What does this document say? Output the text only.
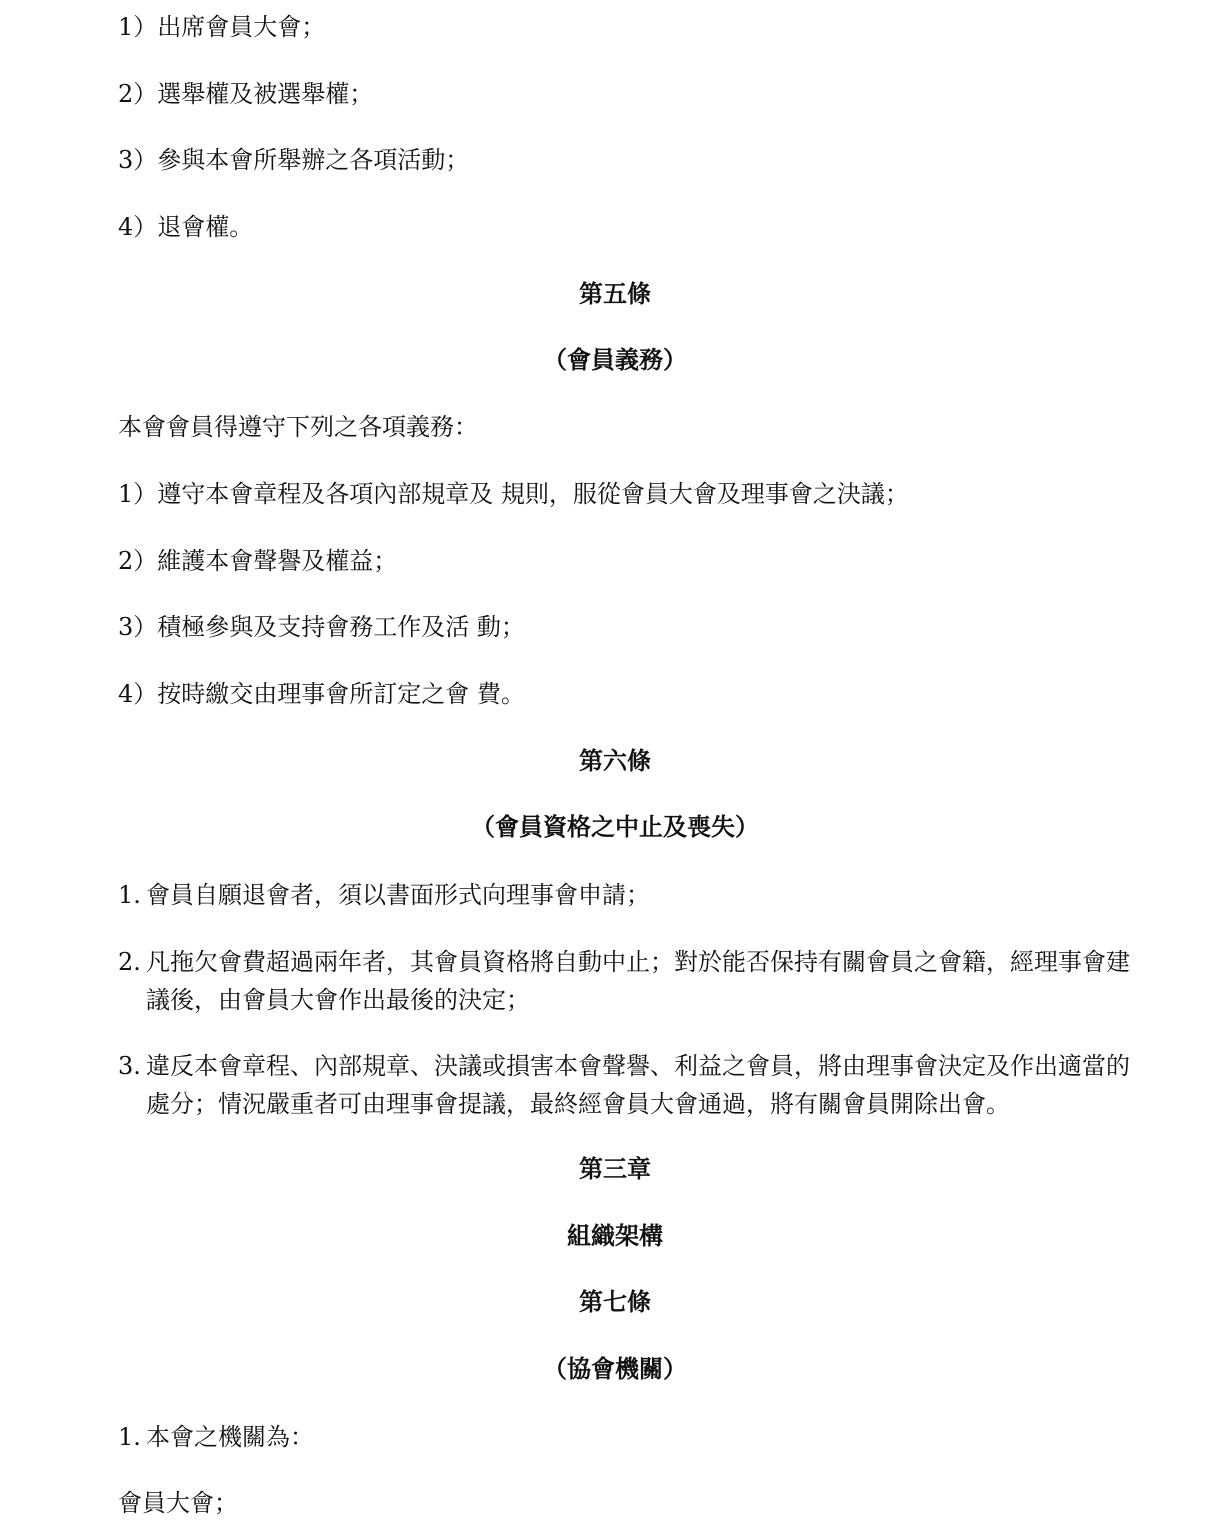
1）出席會員大會；
2）選舉權及被選舉權；
3）參與本會所舉辦之各項活動；
4）退會權。
第五條
（會員義務）
本會會員得遵守下列之各項義務：
1）遵守本會章程及各項內部規章及 規則，服從會員大會及理事會之決議；
2）維護本會聲譽及權益；
3）積極參與及支持會務工作及活 動；
4）按時繳交由理事會所訂定之會 費。
第六條
（會員資格之中止及喪失）
1. 會員自願退會者，須以書面形式向理事會申請；
2. 凡拖欠會費超過兩年者，其會員資格將自動中止；對於能否保持有關會員之會籍，經理事會建議後，由會員大會作出最後的決定；
3. 違反本會章程、內部規章、決議或損害本會聲譽、利益之會員，將由理事會決定及作出適當的處分；情況嚴重者可由理事會提議，最終經會員大會通過，將有關會員開除出會。
第三章
組織架構
第七條
（協會機關）
1. 本會之機關為：
會員大會；
